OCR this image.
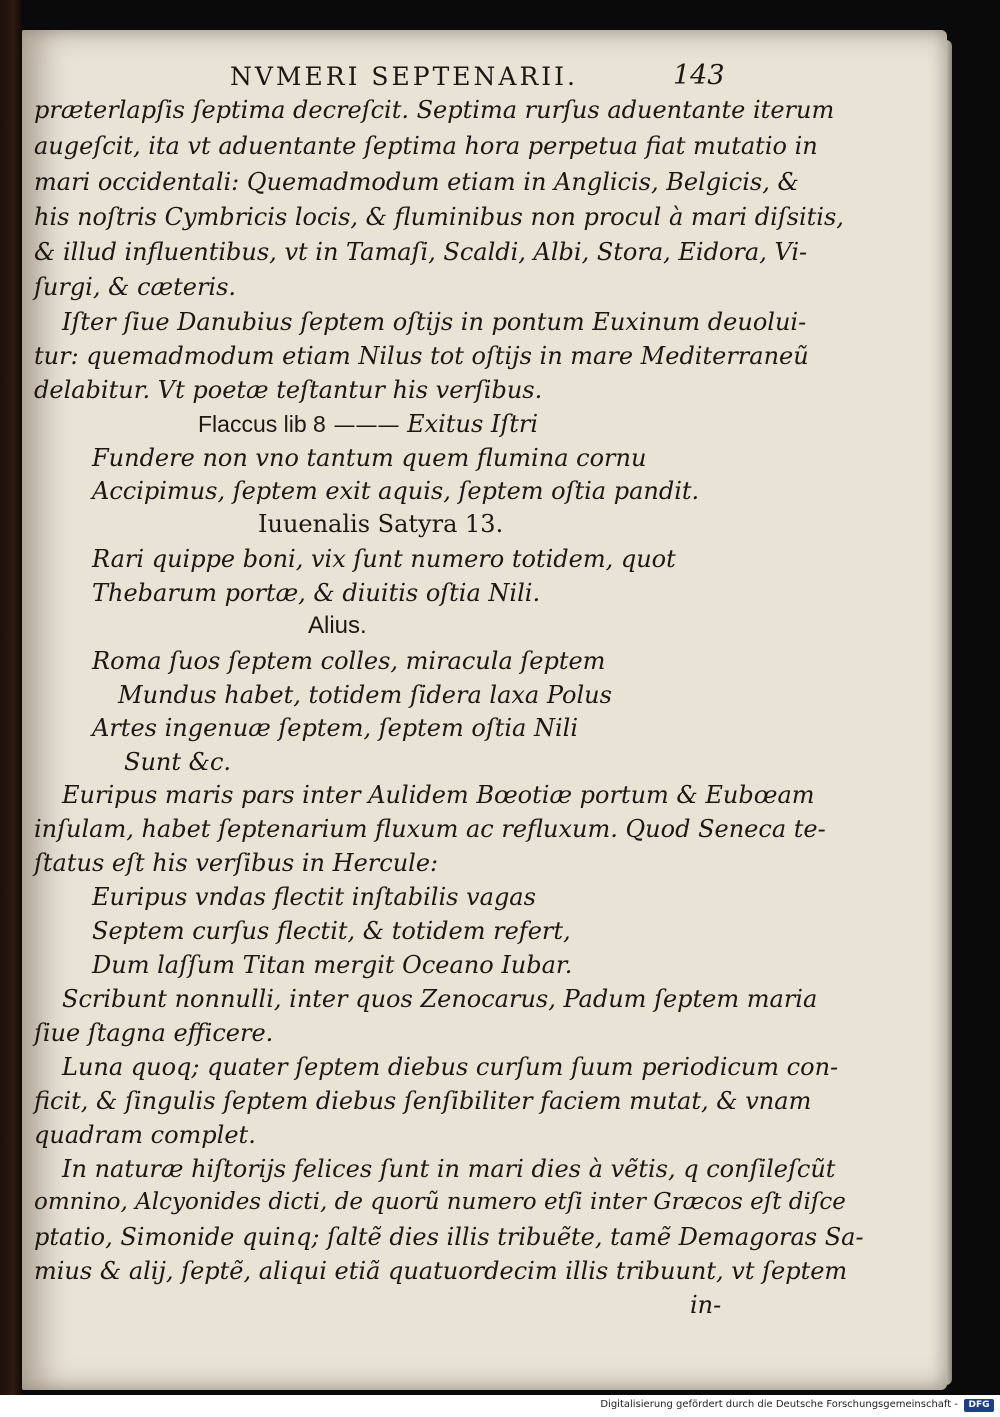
NVMERI SEPTENARII.	143
præterlapſis ſeptima decreſcit. Septima rurſus aduentante iterum
augeſcit, ita vt aduentante ſeptima hora perpetua fiat mutatio in
mari occidentali: Quemadmodum etiam in Anglicis, Belgicis, &
his noſtris Cymbricis locis, & fluminibus non procul à mari diſsitis,
& illud influentibus, vt in Tamaſi, Scaldi, Albi, Stora, Eidora, Vi-
ſurgi, & cæteris.
Iſter ſiue Danubius ſeptem oſtijs in pontum Euxinum deuolui-
tur: quemadmodum etiam Nilus tot oſtijs in mare Mediterraneũ
delabitur. Vt poetæ teſtantur his verſibus.
Flaccus lib 8 ——— Exitus Iſtri
Fundere non vno tantum quem flumina cornu
Accipimus, ſeptem exit aquis, ſeptem oſtia pandit.
Iuuenalis Satyra 13.
Rari quippe boni, vix ſunt numero totidem, quot
Thebarum portæ, & diuitis oſtia Nili.
Alius.
Roma ſuos ſeptem colles, miracula ſeptem
Mundus habet, totidem ſidera laxa Polus
Artes ingenuæ ſeptem, ſeptem oſtia Nili
Sunt &c.
Euripus maris pars inter Aulidem Bœotiæ portum & Eubœam
inſulam, habet ſeptenarium fluxum ac refluxum. Quod Seneca te-
ſtatus eſt his verſibus in Hercule:
Euripus vndas flectit inſtabilis vagas
Septem curſus flectit, & totidem refert,
Dum laſſum Titan mergit Oceano Iubar.
Scribunt nonnulli, inter quos Zenocarus, Padum ſeptem maria
ſiue ſtagna efficere.
Luna quoq; quater ſeptem diebus curſum ſuum periodicum con-
ficit, & ſingulis ſeptem diebus ſenſibiliter faciem mutat, & vnam
quadram complet.
In naturæ hiſtorijs felices ſunt in mari dies à vẽtis, q conſileſcũt
omnino, Alcyonides dicti, de quorũ numero etſi inter Græcos eſt diſce
ptatio, Simonide quinq; ſaltẽ dies illis tribuẽte, tamẽ Demagoras Sa-
mius & alij, ſeptẽ, aliqui etiã quatuordecim illis tribuunt, vt ſeptem
in-
Digitalisierung gefördert durch die Deutsche Forschungsgemeinschaft -	DFG
